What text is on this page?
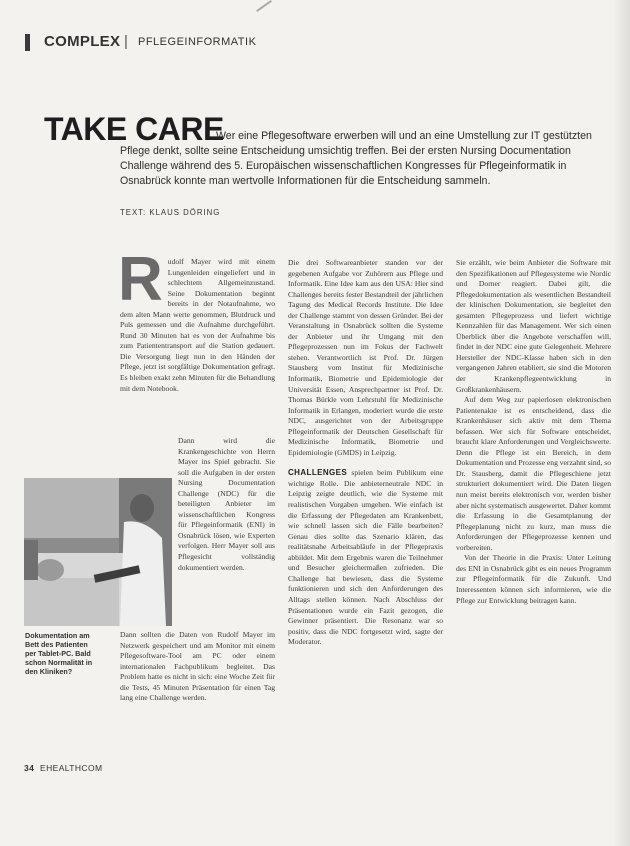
COMPLEX | PFLEGEINFORMATIK
TAKE CARE
Wer eine Pflegesoftware erwerben will und an eine Umstellung zur IT gestützten
Pflege denkt, sollte seine Entscheidung umsichtig treffen. Bei der ersten Nursing Documentation Challenge während des 5. Europäischen wissenschaftlichen Kongresses für Pflegeinformatik in Osnabrück konnte man wertvolle Informationen für die Entscheidung sammeln.
TEXT: KLAUS DÖRING

Rudolf Mayer wird mit einem Lungenleiden eingeliefert und in schlechtem Allgemeinzustand. Seine Dokumentation beginnt bereits in der Notaufnahme, wo dem alten Mann werte genommen, Blutdruck und Puls gemessen und die Aufnahme durchgeführt. Rund 30 Minuten hat es von der Aufnahme bis zum Patiententransport auf die Station gedauert. Die Versorgung liegt nun in den Händen der Pflege, jetzt ist sorgfältige Dokumentation gefragt. Es bleiben exakt zehn Minuten für die Behandlung mit dem Notebook.

Dann wird die Krankengeschichte von Herrn Mayer ins Spiel gebracht. Sie soll die Aufgaben in der ersten Nursing Documentation Challenge (NDC) für die beteiligten Anbieter im wissenschaftlichen Kongress für Pflegeinformatik (ENI) in Osnabrück lösen, wie Experten verfolgen. Herr Mayer soll aus Pflegesicht vollständig dokumentiert werden.

Dokumentation am Bett des Patienten per Tablet-PC. Bald schon Normalität in den Kliniken?

Dann sollten die Daten von Rudolf Mayer im Netzwerk gespeichert und am Monitor mit einem Pflegesoftware-Tool am PC oder einem internationalen Fachpublikum begleitet. Das Problem hatte es nicht in sich: eine Woche Zeit für die Tests, 45 Minuten Präsentation für einen Tag lang eine Challenge werden.

Die drei Softwareanbieter standen vor der gegebenen Aufgabe vor Zuhörern aus Pflege und Informatik. Eine Idee kam aus den USA: Hier sind Challenges bereits fester Bestandteil der jährlichen Tagung des Medical Records Institute. Die Idee der Challenge stammt von dessen Gründer. Bei der Veranstaltung in Osnabrück sollten die Systeme der Anbieter und ihr Umgang mit den Pflegeprozessen nun im Fokus der Fachwelt stehen. Verantwortlich ist Prof. Dr. Jürgen Stausberg vom Institut für Medizinische Informatik, Biometrie und Epidemiologie der Universität Essen, Ansprechpartner ist Prof. Dr. Thomas Bürkle vom Lehrstuhl für Medizinische Informatik in Erlangen, moderiert wurde die erste NDC, ausgerichtet von der Arbeitsgruppe Pflegeinformatik der Deutschen Gesellschaft für Medizinische Informatik, Biometrie und Epidemiologie (GMDS) in Leipzig.

CHALLENGES spielen beim Publikum eine wichtige Rolle. Die anbieterneutrale NDC in Leipzig zeigte deutlich, wie die Systeme mit realistischen Vorgaben umgehen. Wie einfach ist die Erfassung der Pflegedaten am Krankenbett, wie schnell lassen sich die Fälle bearbeiten? Genau dies sollte das Szenario klären, das realitätsnahe Arbeitsabläufe in der Pflegepraxis abbildet. Mit dem Ergebnis waren die Teilnehmer und Besucher gleichermaßen zufrieden. Die Challenge hat bewiesen, dass die Systeme funktionieren und sich den Anforderungen des Alltags stellen können. Nach Abschluss der Präsentationen wurde ein Fazit gezogen, die Gewinner präsentiert. Die Resonanz war so positiv, dass die NDC fortgesetzt wird, sagte der Moderator.

Sie erzählt, wie beim Anbieter die Software mit den Spezifikationen auf Pflegesysteme wie Nordic und Dorner reagiert. Dabei gilt, die Pflegedokumentation als wesentlichen Bestandteil der klinischen Dokumentation, sie begleitet den gesamten Pflegeprozess und liefert wichtige Kennzahlen für das Management. Wer sich einen Überblick über die Angebote verschaffen will, findet in der NDC eine gute Gelegenheit. Mehrere Hersteller der NDC-Klasse haben sich in den vergangenen Jahren etabliert, sie sind die Motoren der Krankenpflegeentwicklung in Großkrankenhäusern.

Auf dem Weg zur papierlosen elektronischen Patientenakte ist es entscheidend, dass die Krankenhäuser sich aktiv mit dem Thema befassen. Wer sich für Software entscheidet, braucht klare Anforderungen und Vergleichswerte. Denn die Pflege ist ein Bereich, in dem Dokumentation und Prozesse eng verzahnt sind, so Dr. Stausberg, damit die Pflegeschiene jetzt strukturiert dokumentiert wird. Die Daten liegen nun meist bereits elektronisch vor, werden bisher aber nicht systematisch ausgewertet. Daher kommt die Erfassung in die Gesamtplanung der Pflegeplanung nicht zu kurz, man muss die Anforderungen der Pflegeprozesse kennen und vorbereiten.

Von der Theorie in die Praxis: Unter Leitung des ENI in Osnabrück gibt es ein neues Programm zur Pflegeinformatik für die Zukunft. Und Interessenten können sich informieren, wie die Pflege zur Entwicklung beitragen kann.

34 EHEALTHCOM
